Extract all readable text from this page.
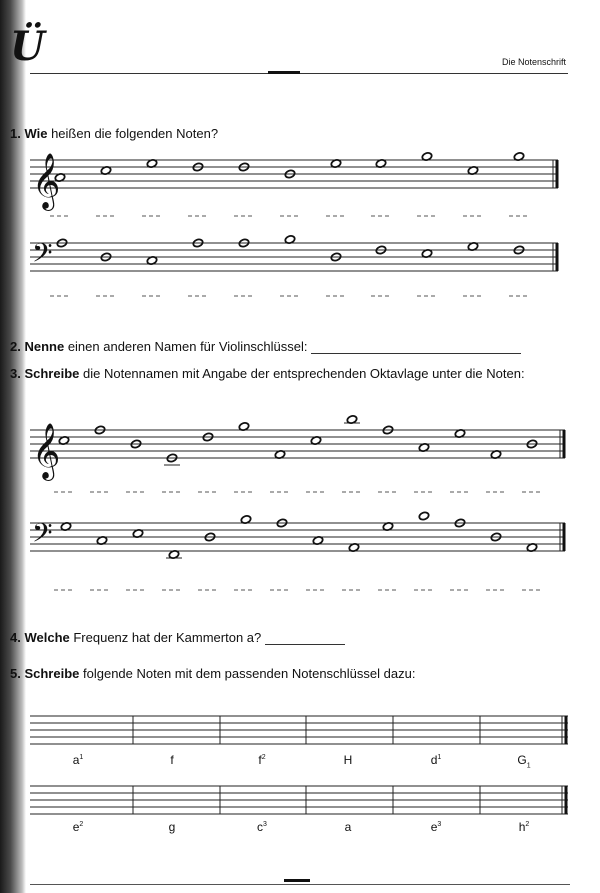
Ü	Die Notenschrift
1. Wie heißen die folgenden Noten?
2. Nenne einen anderen Namen für Violinschlüssel:
3. Schreibe die Notennamen mit Angabe der entsprechenden Oktavlage unter die Noten:
4. Welche Frequenz hat der Kammerton a?
5. Schreibe folgende Noten mit dem passenden Notenschlüssel dazu:
𝄞
𝄢
𝄞
𝄢
$a^1$	f	$f^2$	H	$d^1$	$G_1$
$e^2$	g	$c^3$	a	$e^3$	$h^2$
